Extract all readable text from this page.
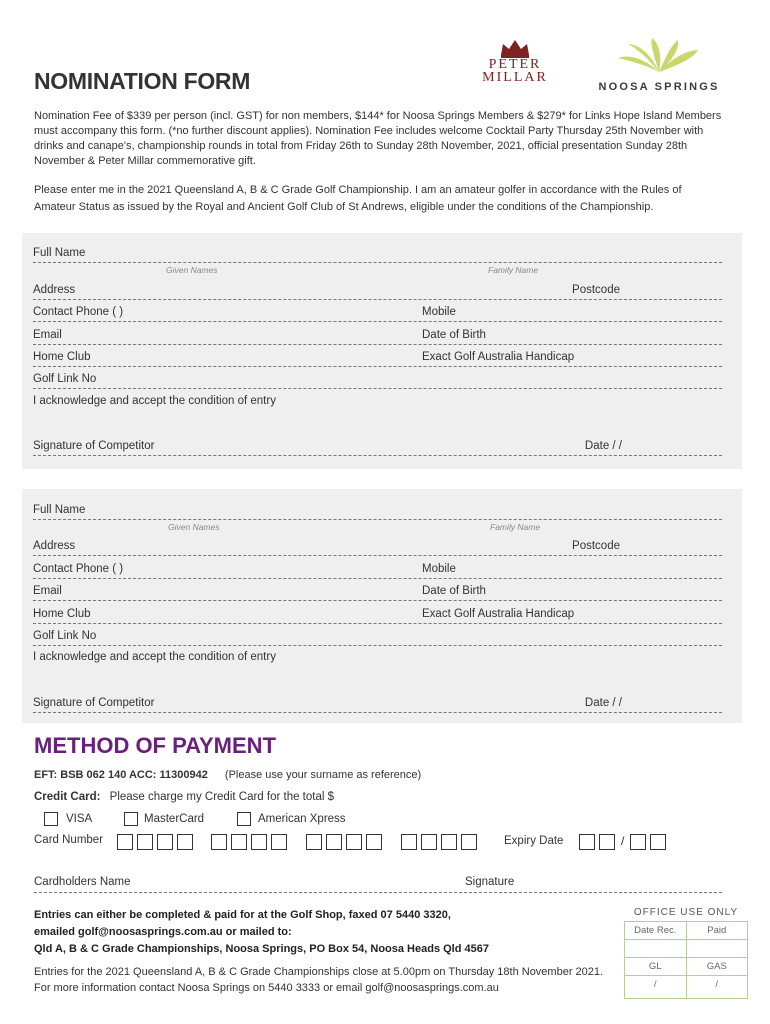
NOMINATION FORM
PETER
MILLAR
NOOSA SPRINGS
Nomination Fee of $339 per person (incl. GST) for non members, $144* for Noosa Springs Members & $279* for Links Hope Island Members must accompany this form. (*no further discount applies). Nomination Fee includes welcome Cocktail Party Thursday 25th November with drinks and canape's, championship rounds in total from Friday 26th to Sunday 28th November, 2021, official presentation Sunday 28th November & Peter Millar commemorative gift.
Please enter me in the 2021 Queensland A, B & C Grade Golf Championship. I am an amateur golfer in accordance with the Rules of Amateur Status as issued by the Royal and Ancient Golf Club of St Andrews, eligible under the conditions of the Championship.
Full Name
Given Names	Family Name
Address	Postcode
Contact Phone ( )	Mobile
Email	Date of Birth
Home Club	Exact Golf Australia Handicap
Golf Link No
I acknowledge and accept the condition of entry
Signature of Competitor	Date / /
Full Name
Given Names	Family Name
Address	Postcode
Contact Phone ( )	Mobile
Email	Date of Birth
Home Club	Exact Golf Australia Handicap
Golf Link No
I acknowledge and accept the condition of entry
Signature of Competitor	Date / /
METHOD OF PAYMENT
EFT: BSB 062 140 ACC: 11300942 (Please use your surname as reference)
Credit Card: Please charge my Credit Card for the total $
VISA	MasterCard	American Xpress
Card Number	Expiry Date	/
Cardholders Name	Signature
Entries can either be completed & paid for at the Golf Shop, faxed 07 5440 3320,
emailed golf@noosasprings.com.au or mailed to:
Qld A, B & C Grade Championships, Noosa Springs, PO Box 54, Noosa Heads Qld 4567
Entries for the 2021 Queensland A, B & C Grade Championships close at 5.00pm on Thursday 18th November 2021.
For more information contact Noosa Springs on 5440 3333 or email golf@noosasprings.com.au
OFFICE USE ONLY
Date Rec.	Paid
GL	GAS
/	/
